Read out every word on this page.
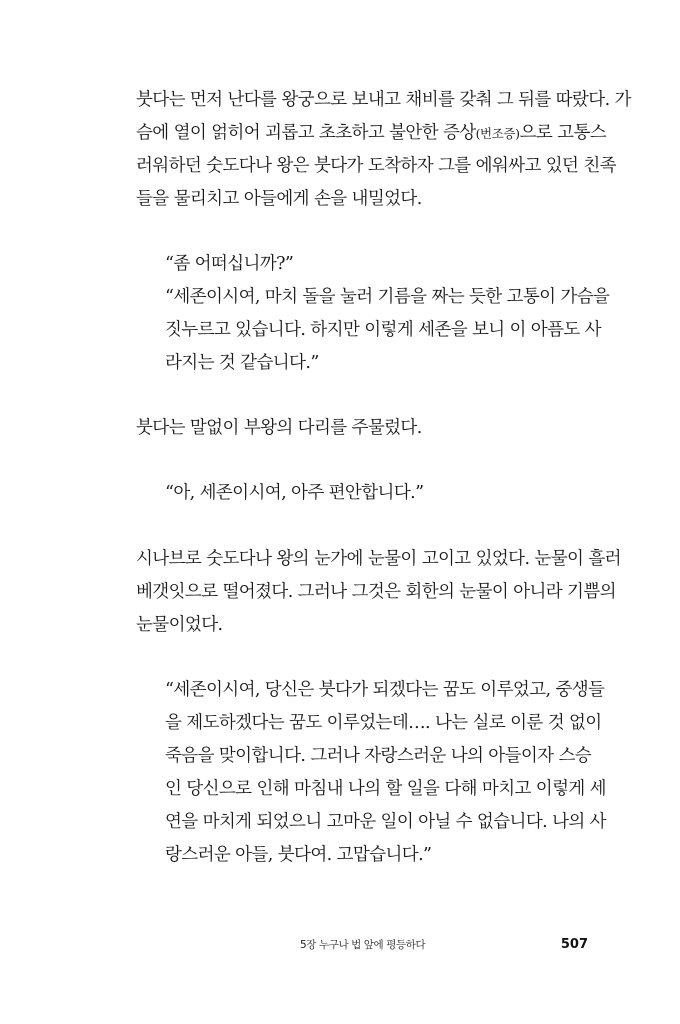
붓다는 먼저 난다를 왕궁으로 보내고 채비를 갖춰 그 뒤를 따랐다. 가
슴에 열이 얽히어 괴롭고 초초하고 불안한 증상(번조증)으로 고통스
러워하던 숫도다나 왕은 붓다가 도착하자 그를 에워싸고 있던 친족
들을 물리치고 아들에게 손을 내밀었다.
“좀 어떠십니까?”
“세존이시여, 마치 돌을 눌러 기름을 짜는 듯한 고통이 가슴을
짓누르고 있습니다. 하지만 이렇게 세존을 보니 이 아픔도 사
라지는 것 같습니다.”
붓다는 말없이 부왕의 다리를 주물렀다.
“아, 세존이시여, 아주 편안합니다.”
시나브로 숫도다나 왕의 눈가에 눈물이 고이고 있었다. 눈물이 흘러
베갯잇으로 떨어졌다. 그러나 그것은 회한의 눈물이 아니라 기쁨의
눈물이었다.
“세존이시여, 당신은 붓다가 되겠다는 꿈도 이루었고, 중생들
을 제도하겠다는 꿈도 이루었는데…. 나는 실로 이룬 것 없이
죽음을 맞이합니다. 그러나 자랑스러운 나의 아들이자 스승
인 당신으로 인해 마침내 나의 할 일을 다해 마치고 이렇게 세
연을 마치게 되었으니 고마운 일이 아닐 수 없습니다. 나의 사
랑스러운 아들, 붓다여. 고맙습니다.”
5장 누구나 법 앞에 평등하다	507
